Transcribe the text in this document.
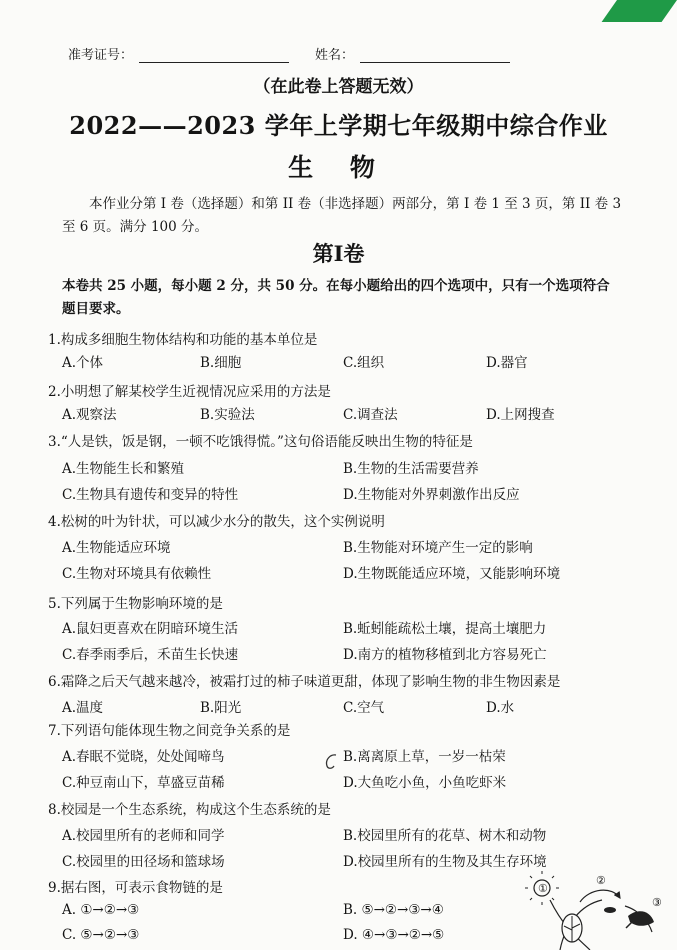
准考证号：	姓名：
（在此卷上答题无效）
2022——2023 学年上学期七年级期中综合作业
生 物
本作业分第 I 卷（选择题）和第 II 卷（非选择题）两部分，第 I 卷 1 至 3 页，第 II 卷 3 至 6 页。满分 100 分。
第Ⅰ卷
本卷共 25 小题，每小题 2 分，共 50 分。在每小题给出的四个选项中，只有一个选项符合题目要求。
1.构成多细胞生物体结构和功能的基本单位是
A.个体	B.细胞	C.组织	D.器官
2.小明想了解某校学生近视情况应采用的方法是
A.观察法	B.实验法	C.调查法	D.上网搜查
3.“人是铁，饭是钢，一顿不吃饿得慌。”这句俗语能反映出生物的特征是
A.生物能生长和繁殖	B.生物的生活需要营养
C.生物具有遗传和变异的特性	D.生物能对外界刺激作出反应
4.松树的叶为针状，可以减少水分的散失，这个实例说明
A.生物能适应环境	B.生物能对环境产生一定的影响
C.生物对环境具有依赖性	D.生物既能适应环境，又能影响环境
5.下列属于生物影响环境的是
A.鼠妇更喜欢在阴暗环境生活	B.蚯蚓能疏松土壤，提高土壤肥力
C.春季雨季后，禾苗生长快速	D.南方的植物移植到北方容易死亡
6.霜降之后天气越来越冷，被霜打过的柿子味道更甜，体现了影响生物的非生物因素是
A.温度	B.阳光	C.空气	D.水
7.下列语句能体现生物之间竞争关系的是
A.春眠不觉晓，处处闻啼鸟	B.离离原上草，一岁一枯荣
C.种豆南山下，草盛豆苗稀	D.大鱼吃小鱼，小鱼吃虾米
8.校园是一个生态系统，构成这个生态系统的是
A.校园里所有的老师和同学	B.校园里所有的花草、树木和动物
C.校园里的田径场和篮球场	D.校园里所有的生物及其生存环境
9.据右图，可表示食物链的是
A. ①→②→③	B. ⑤→②→③→④
C. ⑤→②→③	D. ④→③→②→⑤
①
②
③
